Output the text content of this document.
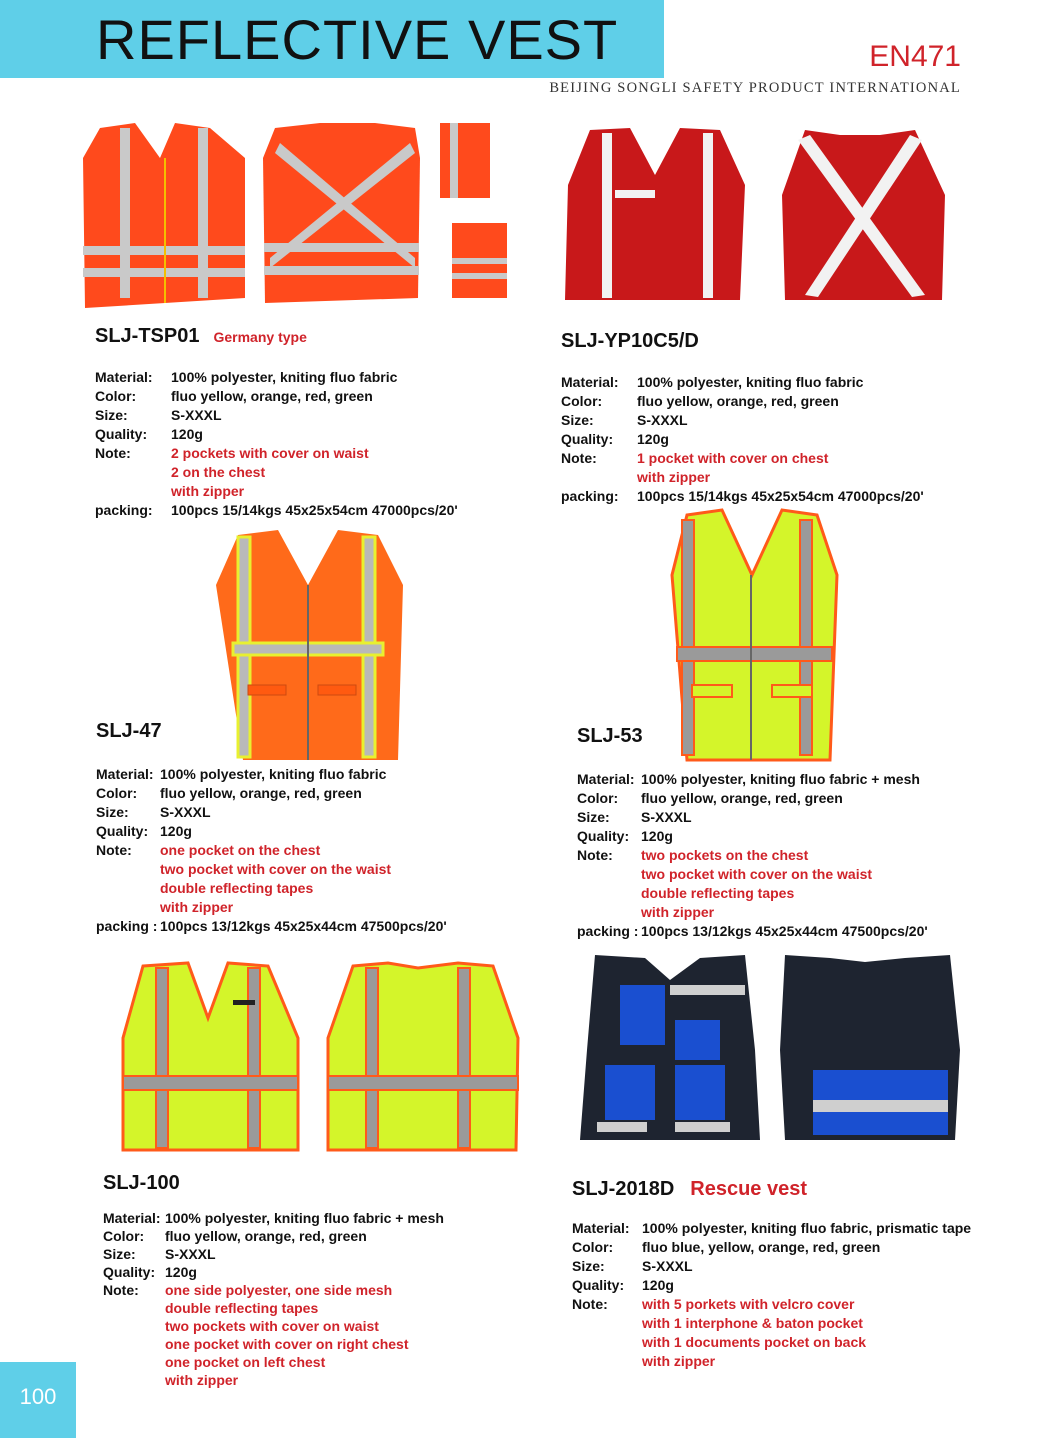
REFLECTIVE VEST	EN471
BEIJING SONGLI SAFETY PRODUCT INTERNATIONAL
SLJ-TSP01 Germany type
Material:	100% polyester, kniting fluo fabric
Color:	fluo yellow, orange, red, green
Size:	S-XXXL
Quality:	120g
Note:	2 pockets with cover on waist
2 on the chest
with zipper
packing:	100pcs 15/14kgs 45x25x54cm 47000pcs/20'
SLJ-YP10C5/D
Material:	100% polyester, kniting fluo fabric
Color:	fluo yellow, orange, red, green
Size:	S-XXXL
Quality:	120g
Note:	1 pocket with cover on chest
with zipper
packing:	100pcs 15/14kgs 45x25x54cm 47000pcs/20'
SLJ-47
Material: 100% polyester, kniting fluo fabric
Color:	fluo yellow, orange, red, green
Size:	S-XXXL
Quality: 120g
Note:	one pocket on the chest
two pocket with cover on the waist
double reflecting tapes
with zipper
packing : 100pcs 13/12kgs 45x25x44cm 47500pcs/20'
SLJ-53
Material: 100% polyester, kniting fluo fabric + mesh
Color:	fluo yellow, orange, red, green
Size:	S-XXXL
Quality: 120g
Note:	two pockets on the chest
two pocket with cover on the waist
double reflecting tapes
with zipper
packing : 100pcs 13/12kgs 45x25x44cm 47500pcs/20'
SLJ-100
Material: 100% polyester, kniting fluo fabric + mesh
Color:	fluo yellow, orange, red, green
Size:	S-XXXL
Quality: 120g
Note:	one side polyester, one side mesh
double reflecting tapes
two pockets with cover on waist
one pocket with cover on right chest
one pocket on left chest
with zipper
SLJ-2018D Rescue vest
Material: 100% polyester, kniting fluo fabric, prismatic tape
Color:	fluo blue, yellow, orange, red, green
Size:	S-XXXL
Quality:	120g
Note:	with 5 porkets with velcro cover
with 1 interphone & baton pocket
with 1 documents pocket on back
with zipper
100
